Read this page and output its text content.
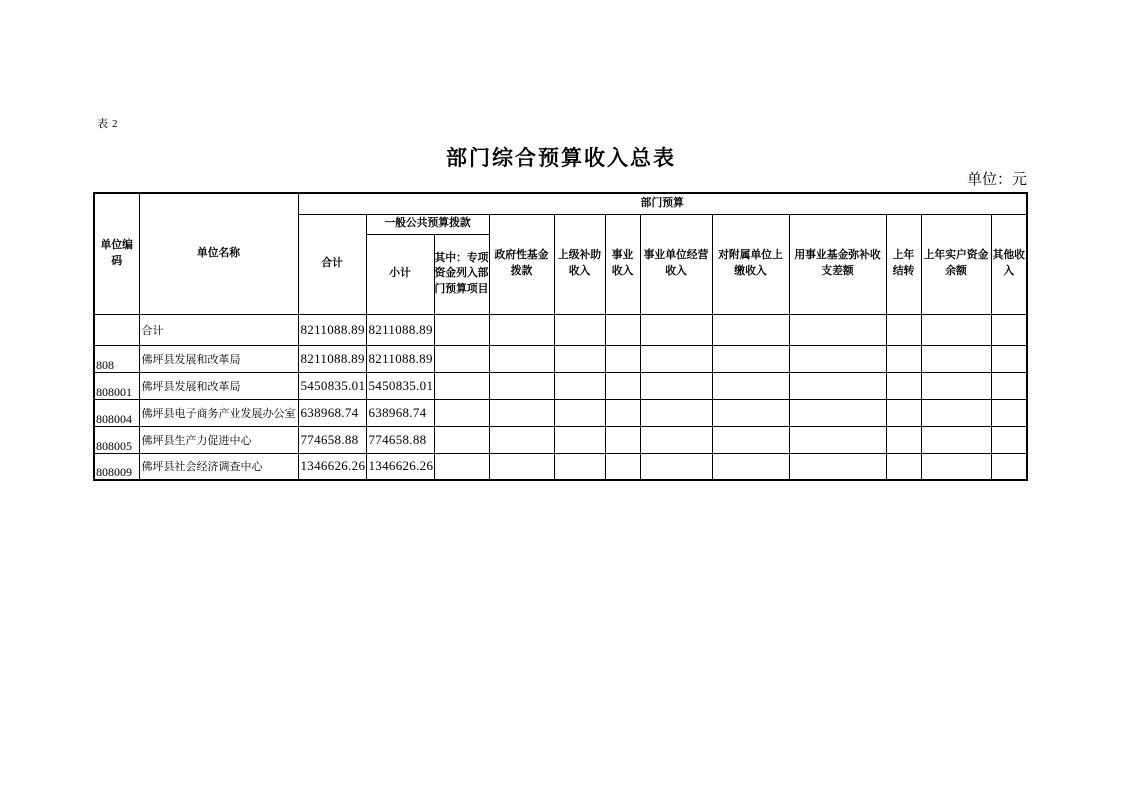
表2
部门综合预算收入总表
单位：元
单位编码	单位名称	部门预算											
		合计	一般公共预算拨款		政府性基金拨款	上级补助收入	事业收入	事业单位经营收入	对附属单位上缴收入	用事业基金弥补收支差额	上年结转	上年实户资金余额	其他收入
			小计	其中：专项资金列入部门预算项目									
	合计	8211088.89	8211088.89										
808	佛坪县发展和改革局	8211088.89	8211088.89										
808001	佛坪县发展和改革局	5450835.01	5450835.01										
808004	佛坪县电子商务产业发展办公室	638968.74	638968.74										
808005	佛坪县生产力促进中心	774658.88	774658.88										
808009	佛坪县社会经济调查中心	1346626.26	1346626.26										
